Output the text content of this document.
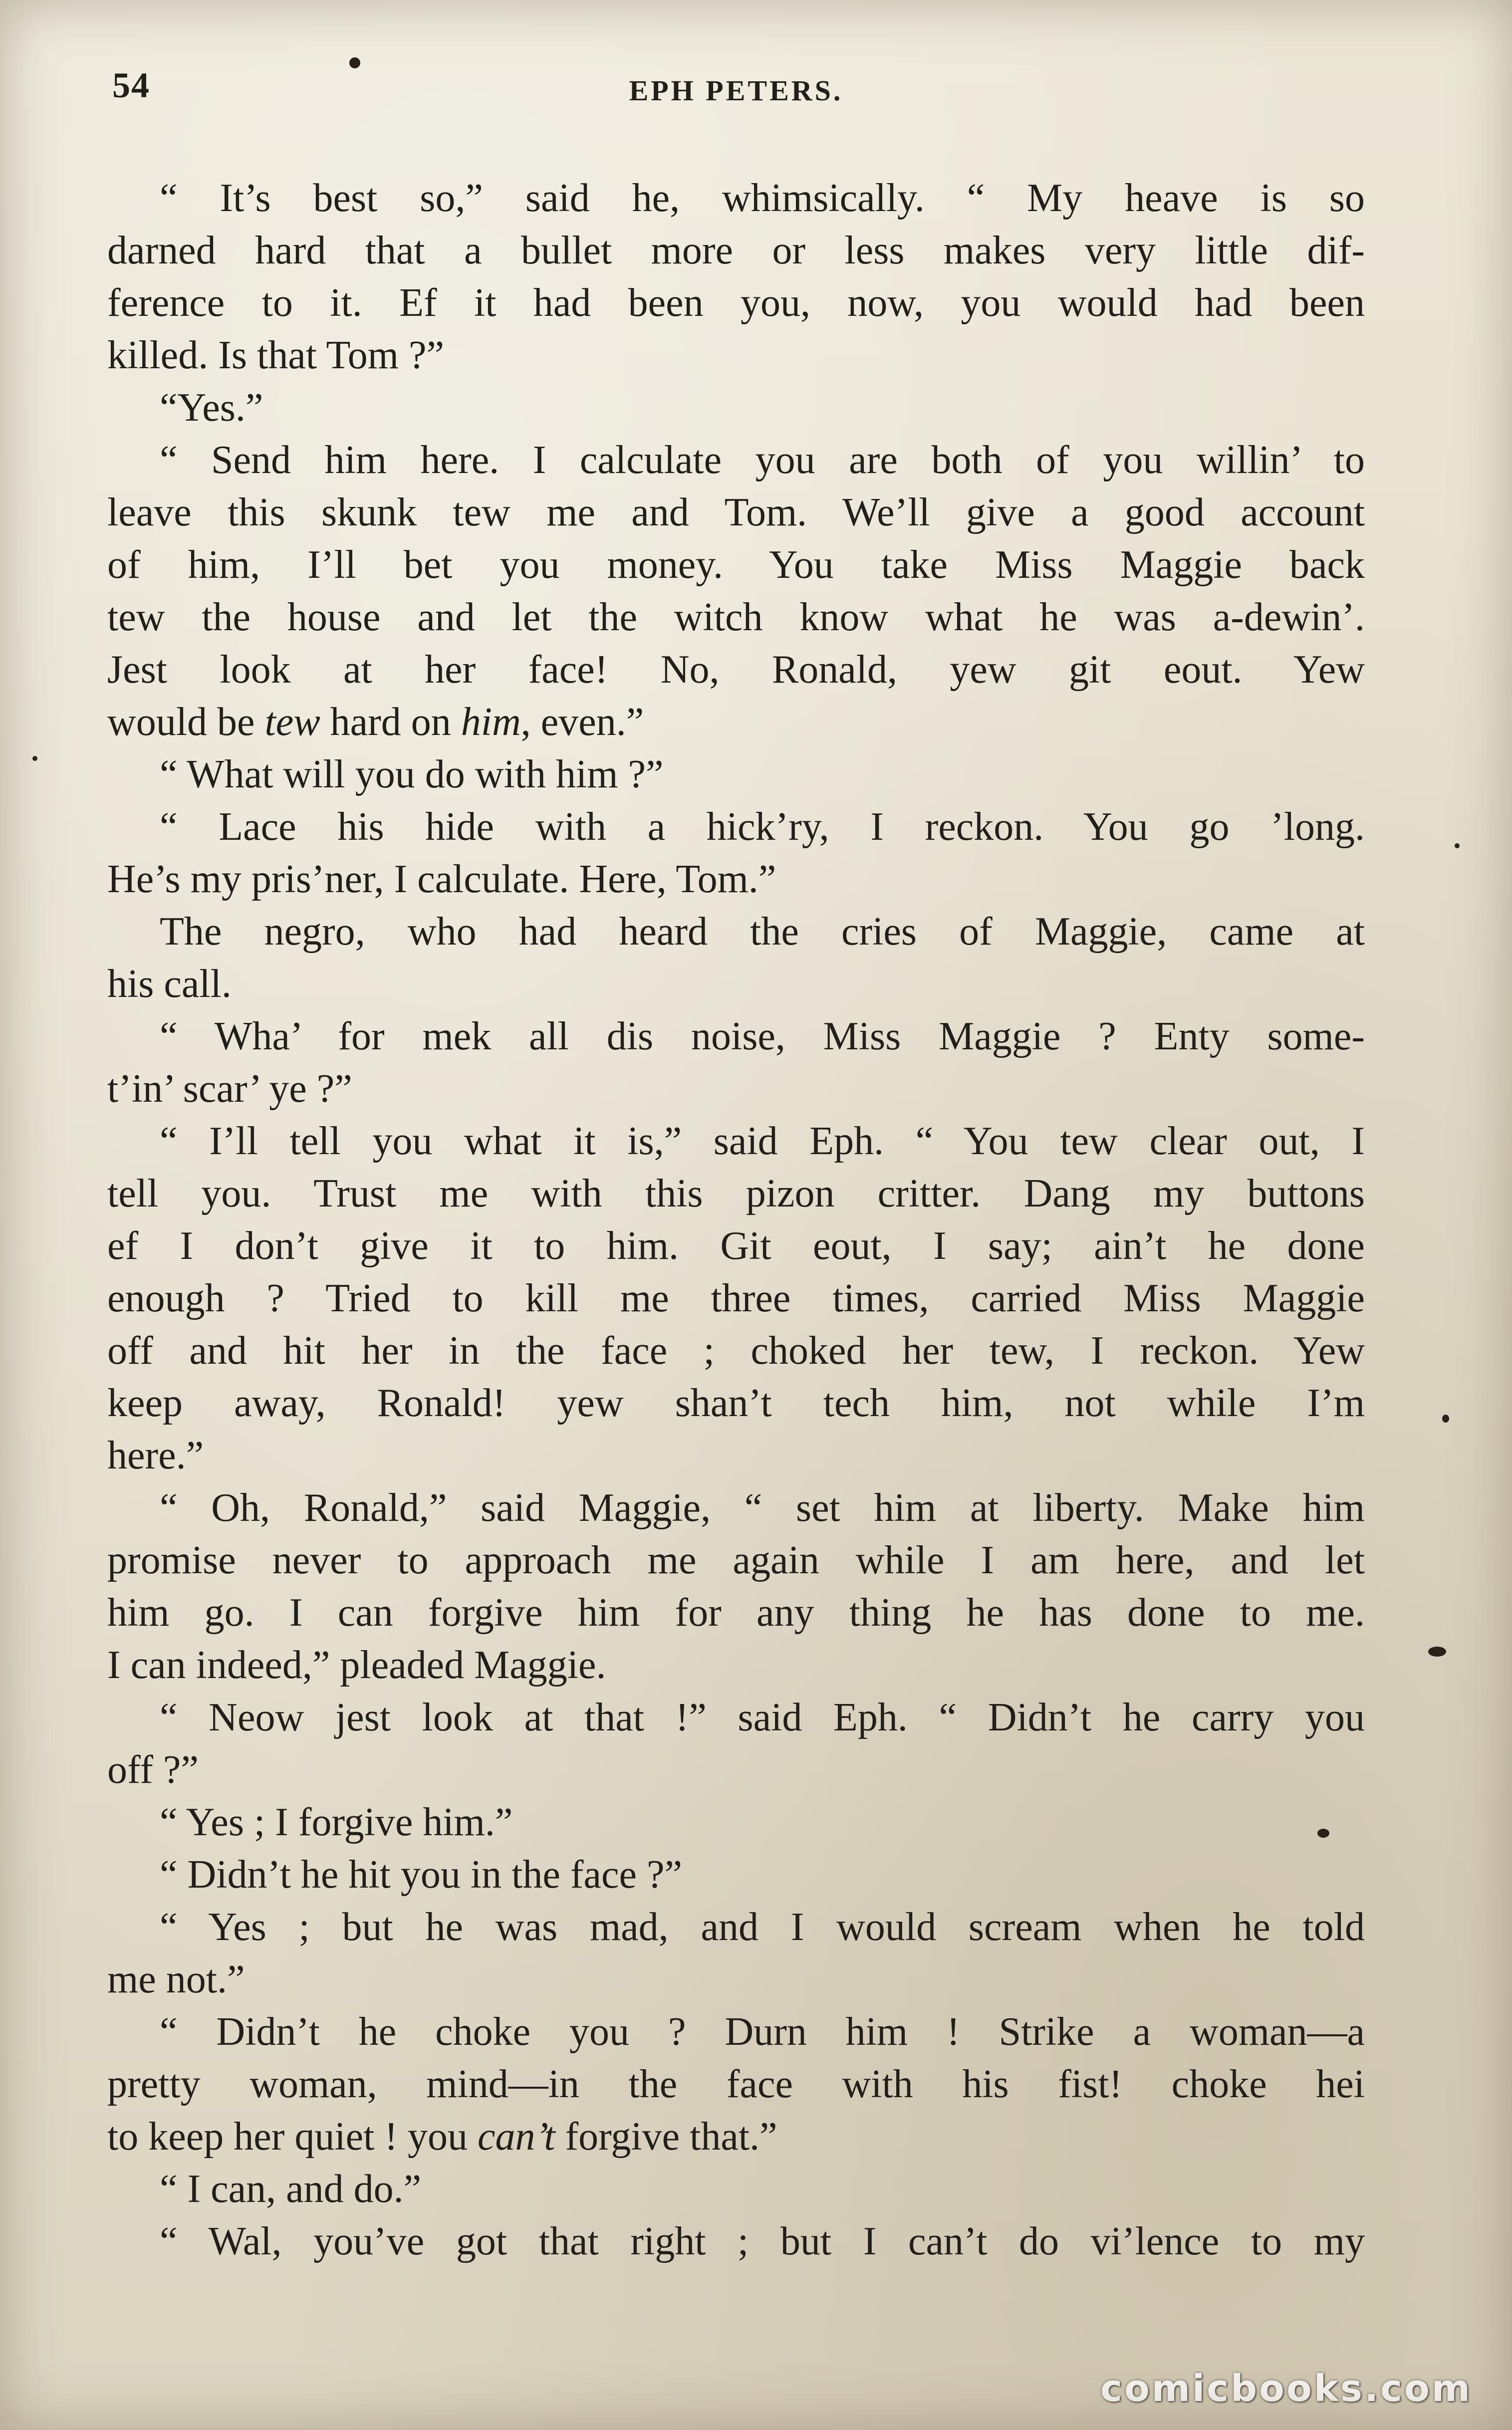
54	EPH PETERS.

“ It’s best so,” said he, whimsically. “ My heave is so
darned hard that a bullet more or less makes very little dif-
ference to it. Ef it had been you, now, you would had been
killed. Is that Tom ?”

“Yes.”

“ Send him here. I calculate you are both of you willin’ to
leave this skunk tew me and Tom. We’ll give a good account
of him, I’ll bet you money. You take Miss Maggie back
tew the house and let the witch know what he was a-dewin’.
Jest look at her face! No, Ronald, yew git eout. Yew
would be tew hard on him, even.”

“ What will you do with him ?”

“ Lace his hide with a hick’ry, I reckon. You go ’long.
He’s my pris’ner, I calculate. Here, Tom.”

The negro, who had heard the cries of Maggie, came at
his call.

“ Wha’ for mek all dis noise, Miss Maggie ? Enty some-
t’in’ scar’ ye ?”

“ I’ll tell you what it is,” said Eph. “ You tew clear out, I
tell you. Trust me with this pizon critter. Dang my buttons
ef I don’t give it to him. Git eout, I say; ain’t he done
enough ? Tried to kill me three times, carried Miss Maggie
off and hit her in the face ; choked her tew, I reckon. Yew
keep away, Ronald! yew shan’t tech him, not while I’m
here.”

“ Oh, Ronald,” said Maggie, “ set him at liberty. Make him
promise never to approach me again while I am here, and let
him go. I can forgive him for any thing he has done to me.
I can indeed,” pleaded Maggie.

“ Neow jest look at that !” said Eph. “ Didn’t he carry you
off ?”

“ Yes ; I forgive him.”

“ Didn’t he hit you in the face ?”

“ Yes ; but he was mad, and I would scream when he told
me not.”

“ Didn’t he choke you ? Durn him ! Strike a woman—a
pretty woman, mind—in the face with his fist! choke hei
to keep her quiet ! you can’t forgive that.”

“ I can, and do.”

“ Wal, you’ve got that right ; but I can’t do vi’lence to my

comicbooks.com
